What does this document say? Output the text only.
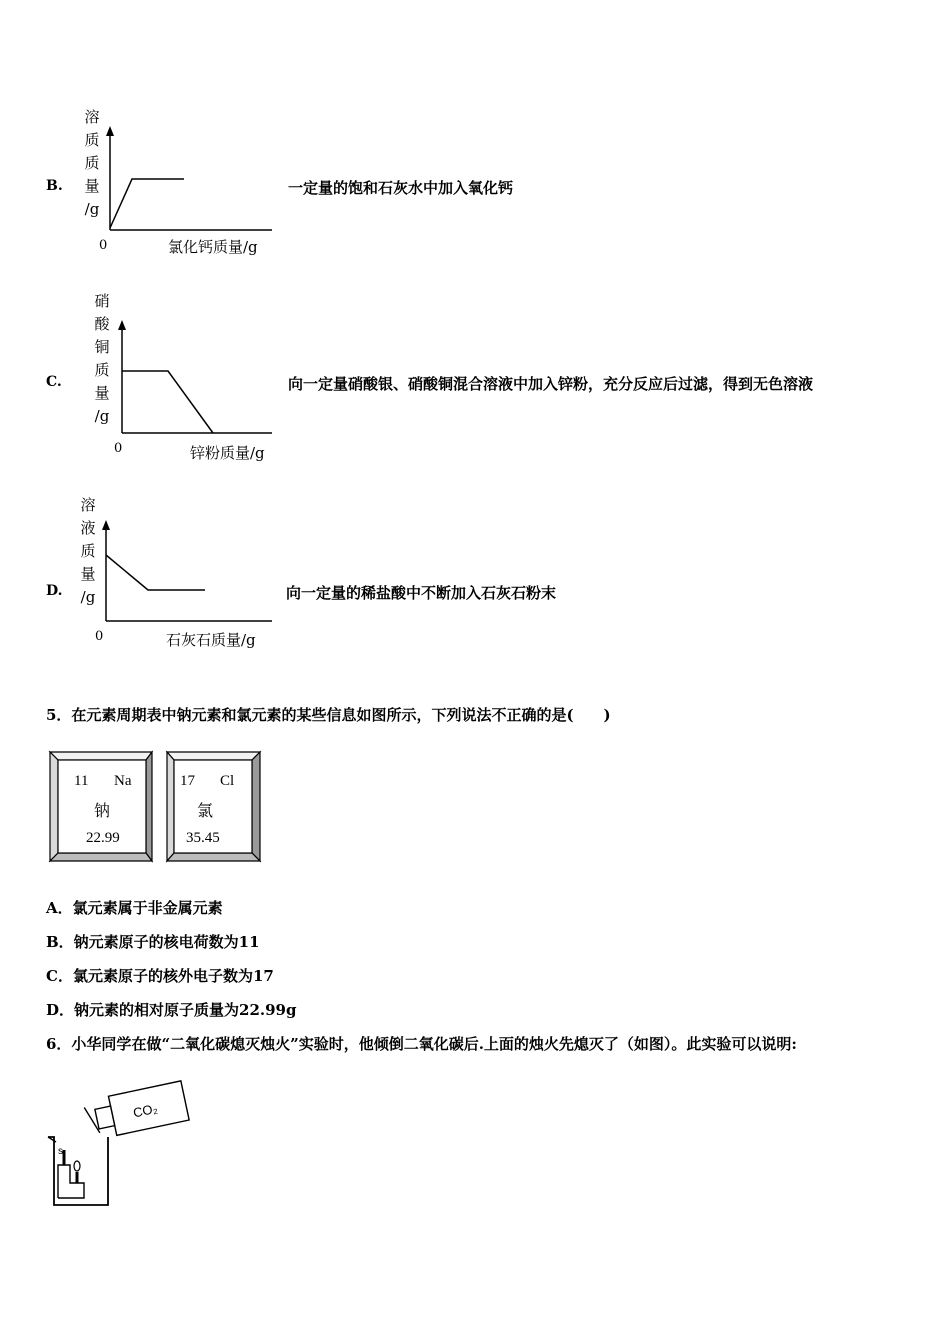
B.
溶
质
质
量
/g
0	氯化钙质量/g
一定量的饱和石灰水中加入氧化钙
C.
硝
酸
铜
质
量
/g
0	锌粉质量/g
向一定量硝酸银、硝酸铜混合溶液中加入锌粉，充分反应后过滤，得到无色溶液
D.
溶
液
质
量
/g
0	石灰石质量/g
向一定量的稀盐酸中不断加入石灰石粉末
5．在元素周期表中钠元素和氯元素的某些信息如图所示，下列说法不正确的是(　　)
11 Na
钠
22.99
17 Cl
氯
35.45
A．氯元素属于非金属元素
B．钠元素原子的核电荷数为11
C．氯元素原子的核外电子数为17
D．钠元素的相对原子质量为22.99g
6．小华同学在做“二氧化碳熄灭烛火”实验时，他倾倒二氧化碳后.上面的烛火先熄灭了（如图）。此实验可以说明:
CO₂
s
